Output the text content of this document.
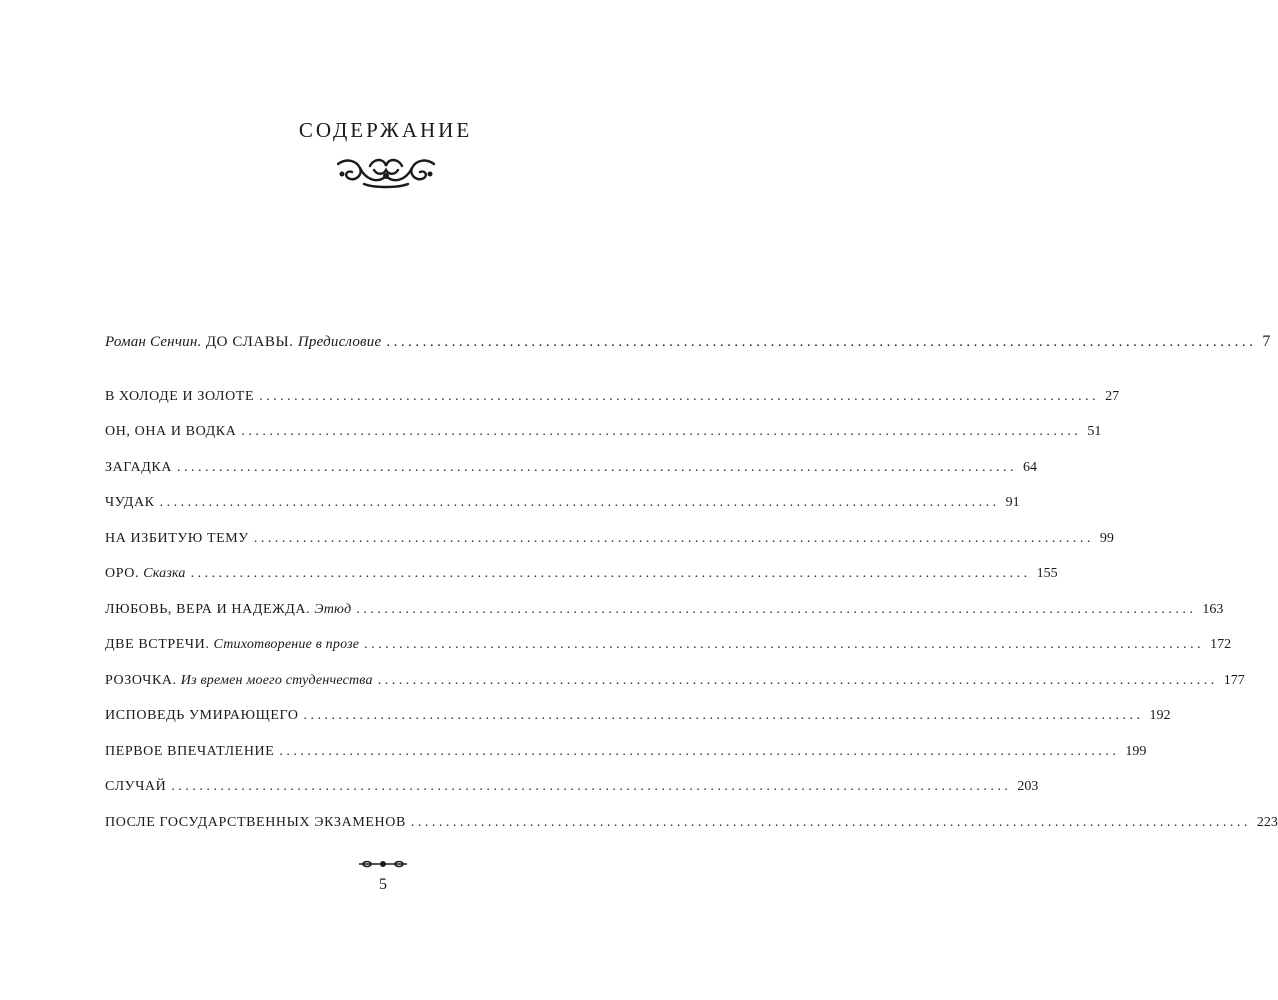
СОДЕРЖАНИЕ
Роман Сенчин. ДО СЛАВЫ. Предисловие ........................................................................................................................ 7
В ХОЛОДЕ И ЗОЛОТЕ ........................................................................................................................ 27
ОН, ОНА И ВОДКА ........................................................................................................................ 51
ЗАГАДКА ........................................................................................................................ 64
ЧУДАК ........................................................................................................................ 91
НА ИЗБИТУЮ ТЕМУ ........................................................................................................................ 99
ОРО. Сказка ........................................................................................................................ 155
ЛЮБОВЬ, ВЕРА И НАДЕЖДА. Этюд ........................................................................................................................ 163
ДВЕ ВСТРЕЧИ. Стихотворение в прозе ........................................................................................................................ 172
РОЗОЧКА. Из времен моего студенчества ........................................................................................................................ 177
ИСПОВЕДЬ УМИРАЮЩЕГО ........................................................................................................................ 192
ПЕРВОЕ ВПЕЧАТЛЕНИЕ ........................................................................................................................ 199
СЛУЧАЙ ........................................................................................................................ 203
ПОСЛЕ ГОСУДАРСТВЕННЫХ ЭКЗАМЕНОВ ........................................................................................................................ 223
5
